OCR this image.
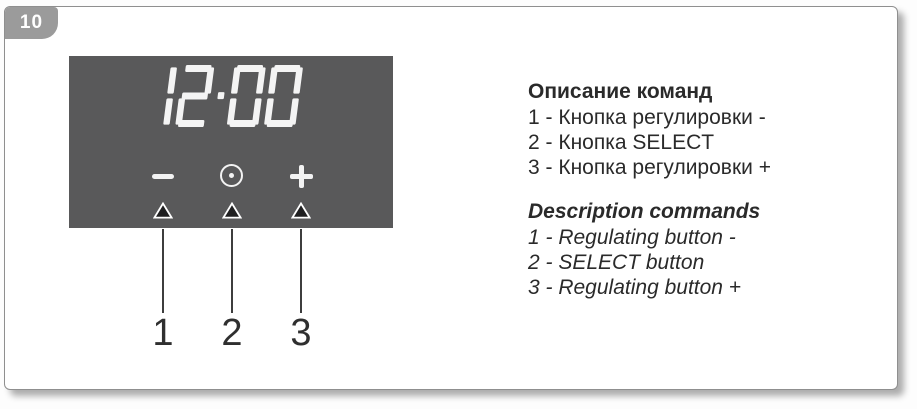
10
1	2	3
Описание команд
1 - Кнопка регулировки -
2 - Кнопка SELECT
3 - Кнопка регулировки +
Description commands
1 - Regulating button -
2 - SELECT button
3 - Regulating button +
